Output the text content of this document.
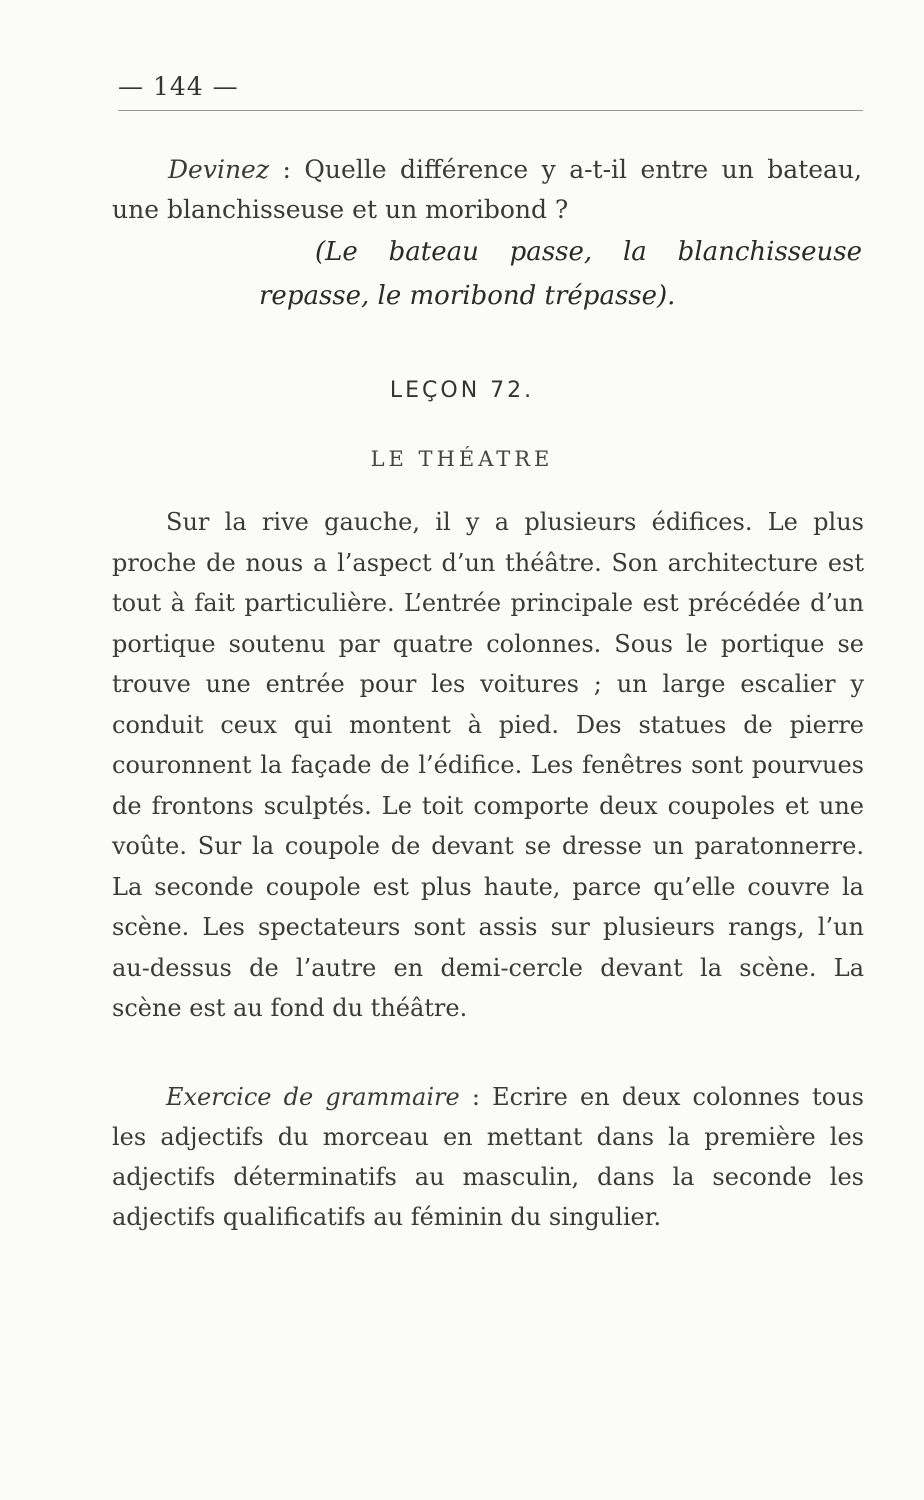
— 144 —

Devinez : Quelle différence y a-t-il entre un bateau, une blanchisseuse et un moribond ?

(Le bateau passe, la blanchisseuse repasse, le moribond trépasse).

LEÇON 72.
LE THÉATRE

Sur la rive gauche, il y a plusieurs édifices. Le plus proche de nous a l’aspect d’un théâtre. Son architecture est tout à fait particulière. L’entrée principale est précédée d’un portique soutenu par quatre colonnes. Sous le portique se trouve une entrée pour les voitures ; un large escalier y conduit ceux qui montent à pied. Des statues de pierre couronnent la façade de l’édifice. Les fenêtres sont pourvues de frontons sculptés. Le toit comporte deux coupoles et une voûte. Sur la coupole de devant se dresse un paratonnerre. La seconde coupole est plus haute, parce qu’elle couvre la scène. Les spectateurs sont assis sur plusieurs rangs, l’un au-dessus de l’autre en demi-cercle devant la scène. La scène est au fond du théâtre.

Exercice de grammaire : Ecrire en deux colonnes tous les adjectifs du morceau en mettant dans la première les adjectifs déterminatifs au masculin, dans la seconde les adjectifs qualificatifs au féminin du singulier.
